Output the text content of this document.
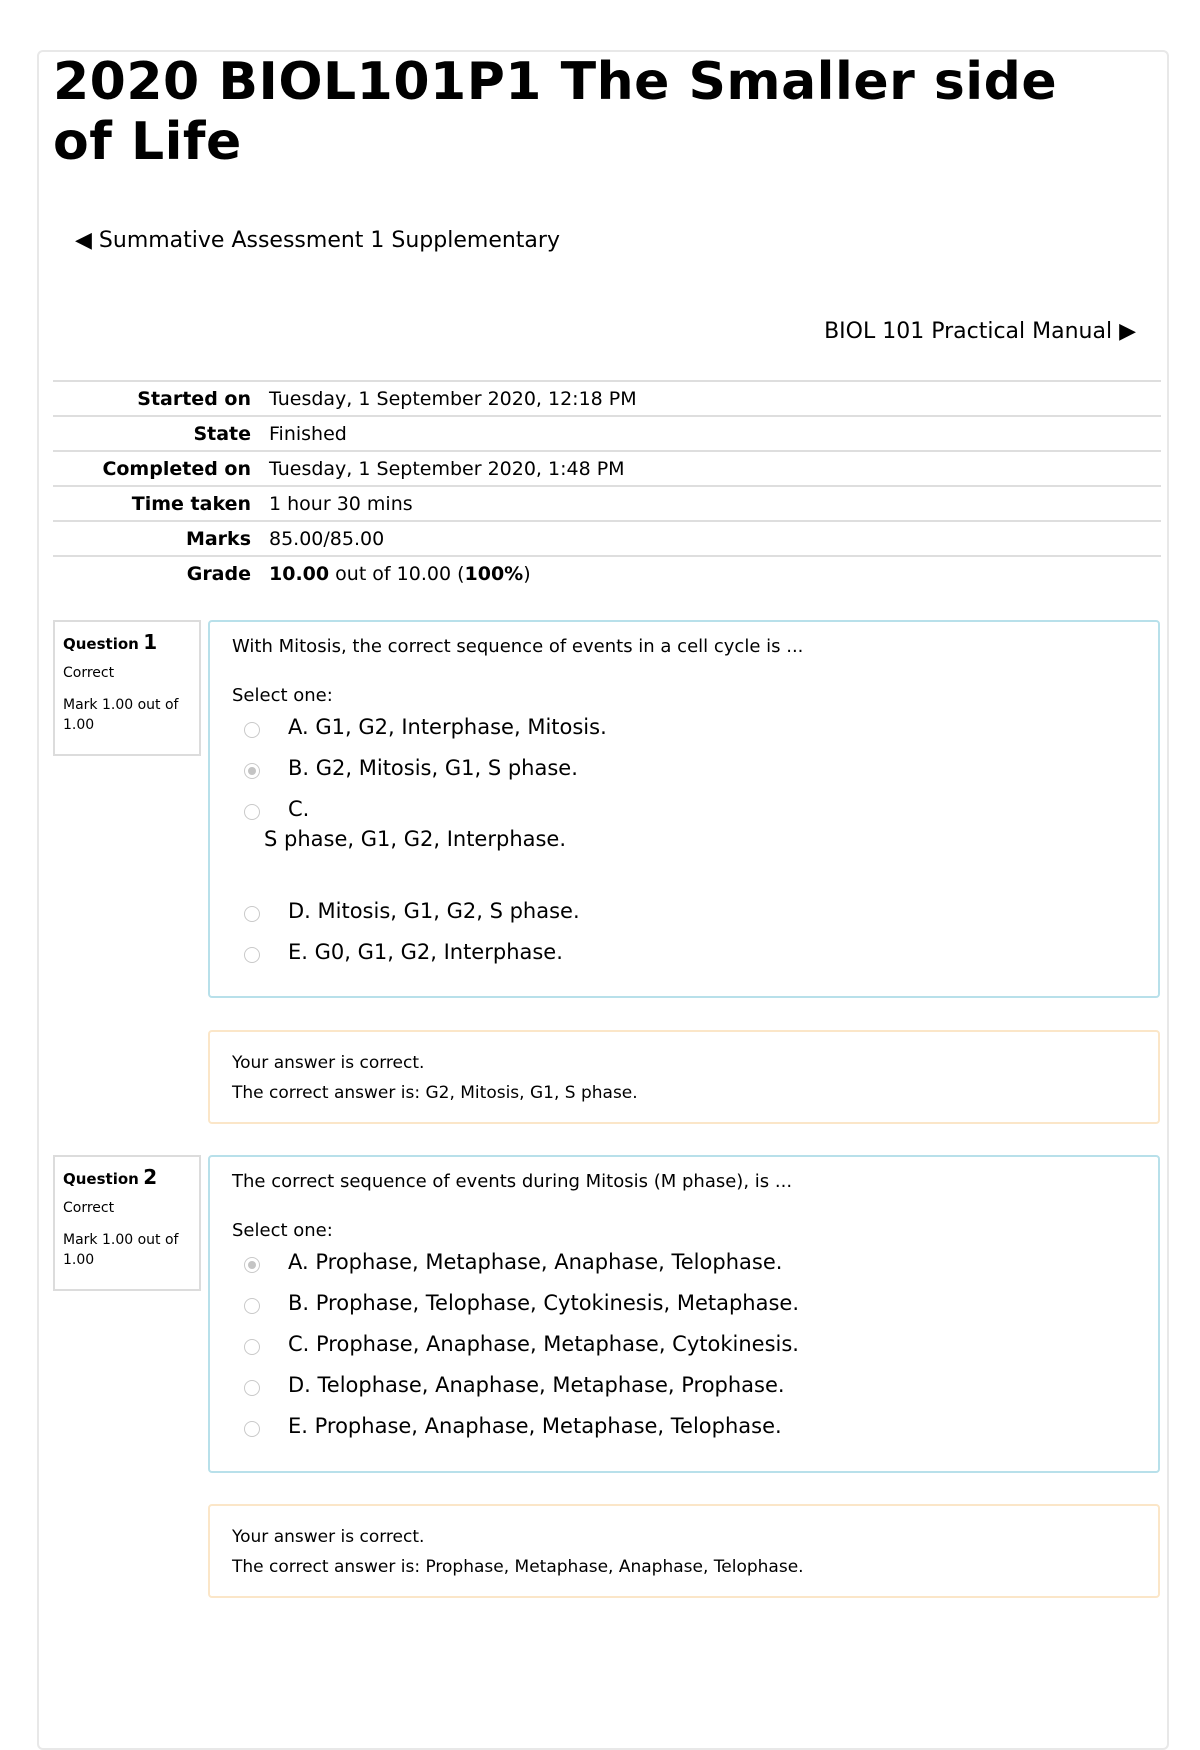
2020 BIOL101P1 The Smaller side of Life
◀ Summative Assessment 1 Supplementary
BIOL 101 Practical Manual ▶
Started on	Tuesday, 1 September 2020, 12:18 PM
State	Finished
Completed on	Tuesday, 1 September 2020, 1:48 PM
Time taken	1 hour 30 mins
Marks	85.00/85.00
Grade	10.00 out of 10.00 (100%)
Question 1
Correct
Mark 1.00 out of 1.00

With Mitosis, the correct sequence of events in a cell cycle is ...

Select one:
A. G1, G2, Interphase, Mitosis.
B. G2, Mitosis, G1, S phase.
C.
S phase, G1, G2, Interphase.
D. Mitosis, G1, G2, S phase.
E. G0, G1, G2, Interphase.
Your answer is correct.
The correct answer is: G2, Mitosis, G1, S phase.
Question 2
Correct
Mark 1.00 out of 1.00

The correct sequence of events during Mitosis (M phase), is ...

Select one:
A. Prophase, Metaphase, Anaphase, Telophase.
B. Prophase, Telophase, Cytokinesis, Metaphase.
C. Prophase, Anaphase, Metaphase, Cytokinesis.
D. Telophase, Anaphase, Metaphase, Prophase.
E. Prophase, Anaphase, Metaphase, Telophase.
Your answer is correct.
The correct answer is: Prophase, Metaphase, Anaphase, Telophase.
